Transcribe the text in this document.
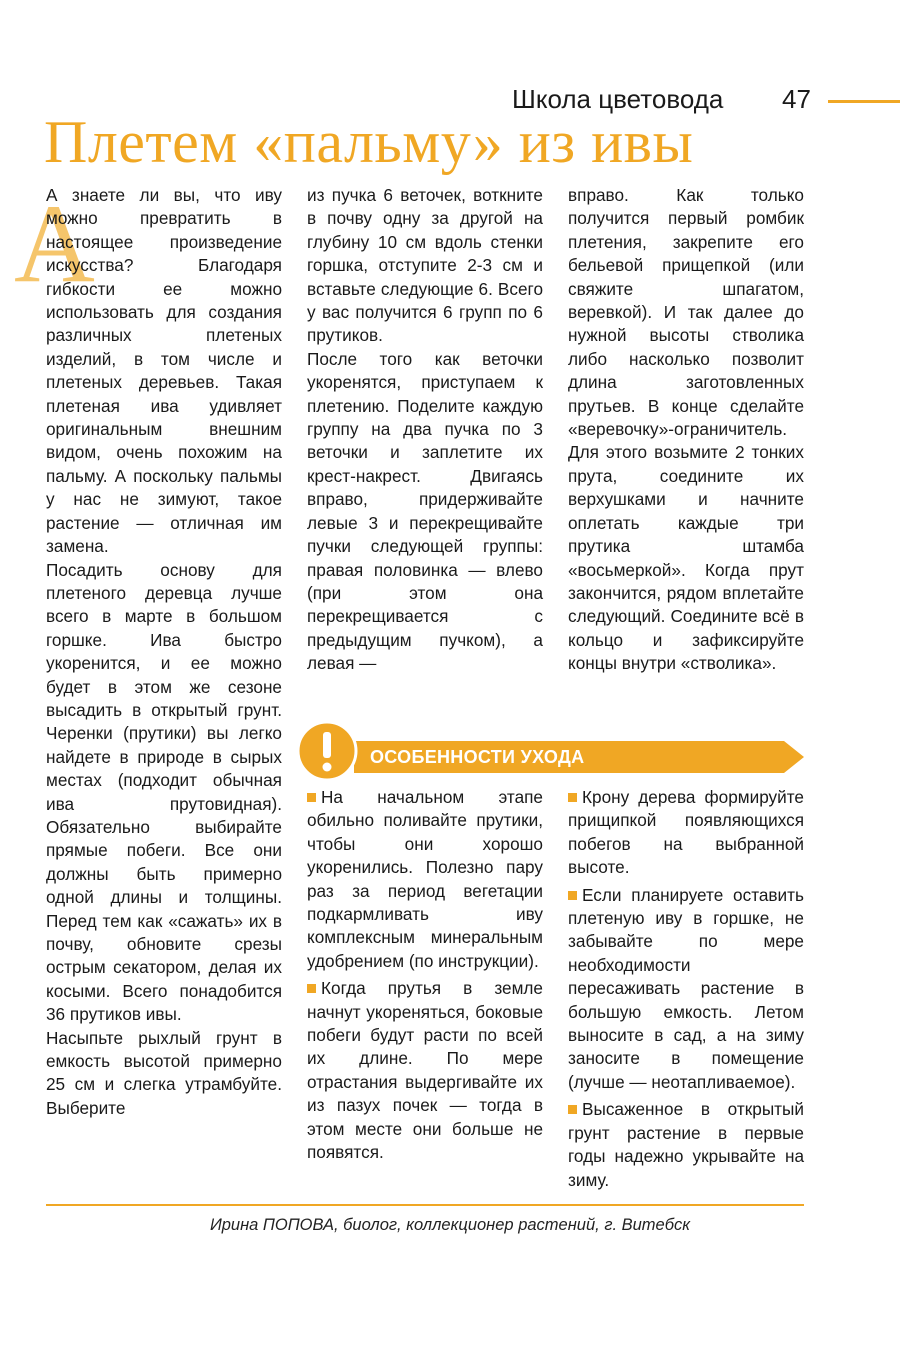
Школа цветовода 47
Плетем «пальму» из ивы
А

А знаете ли вы, что иву можно превратить в настоящее произведение искусства? Благодаря гибкости ее можно использовать для создания различных плетеных изделий, в том числе и плетеных деревьев. Такая плетеная ива удивляет оригинальным внешним видом, очень похожим на пальму. А поскольку пальмы у нас не зимуют, такое растение — отличная им замена.

Посадить основу для плетеного деревца лучше всего в марте в большом горшке. Ива быстро укоренится, и ее можно будет в этом же сезоне высадить в открытый грунт. Черенки (прутики) вы легко найдете в природе в сырых местах (подходит обычная ива прутовидная). Обязательно выбирайте прямые побеги. Все они должны быть примерно одной длины и толщины. Перед тем как «сажать» их в почву, обновите срезы острым секатором, делая их косыми. Всего понадобится 36 прутиков ивы.

Насыпьте рыхлый грунт в емкость высотой примерно 25 см и слегка утрамбуйте. Выберите

из пучка 6 веточек, воткните в почву одну за другой на глубину 10 см вдоль стенки горшка, отступите 2-3 см и вставьте следующие 6. Всего у вас получится 6 групп по 6 прутиков.

После того как веточки укоренятся, приступаем к плетению. Поделите каждую группу на два пучка по 3 веточки и заплетите их крест-накрест. Двигаясь вправо, придерживайте левые 3 и перекрещивайте пучки следующей группы: правая половинка — влево (при этом она перекрещивается с предыдущим пучком), а левая —

вправо. Как только получится первый ромбик плетения, закрепите его бельевой прищепкой (или свяжите шпагатом, веревкой). И так далее до нужной высоты стволика либо насколько позволит длина заготовленных прутьев. В конце сделайте «веревочку»-ограничитель. Для этого возьмите 2 тонких прута, соедините их верхушками и начните оплетать каждые три прутика штамба «восьмеркой». Когда прут закончится, рядом вплетайте следующий. Соедините всё в кольцо и зафиксируйте концы внутри «стволика».

ОСОБЕННОСТИ УХОДА

На начальном этапе обильно поливайте прутики, чтобы они хорошо укоренились. Полезно пару раз за период вегетации подкармливать иву комплексным минеральным удобрением (по инструкции).

Когда прутья в земле начнут укореняться, боковые побеги будут расти по всей их длине. По мере отрастания выдергивайте их из пазух почек — тогда в этом месте они больше не появятся.

Крону дерева формируйте прищипкой появляющихся побегов на выбранной высоте.

Если планируете оставить плетеную иву в горшке, не забывайте по мере необходимости пересаживать растение в большую емкость. Летом выносите в сад, а на зиму заносите в помещение (лучше — неотапливаемое).

Высаженное в открытый грунт растение в первые годы надежно укрывайте на зиму.

Ирина ПОПОВА, биолог, коллекционер растений, г. Витебск
